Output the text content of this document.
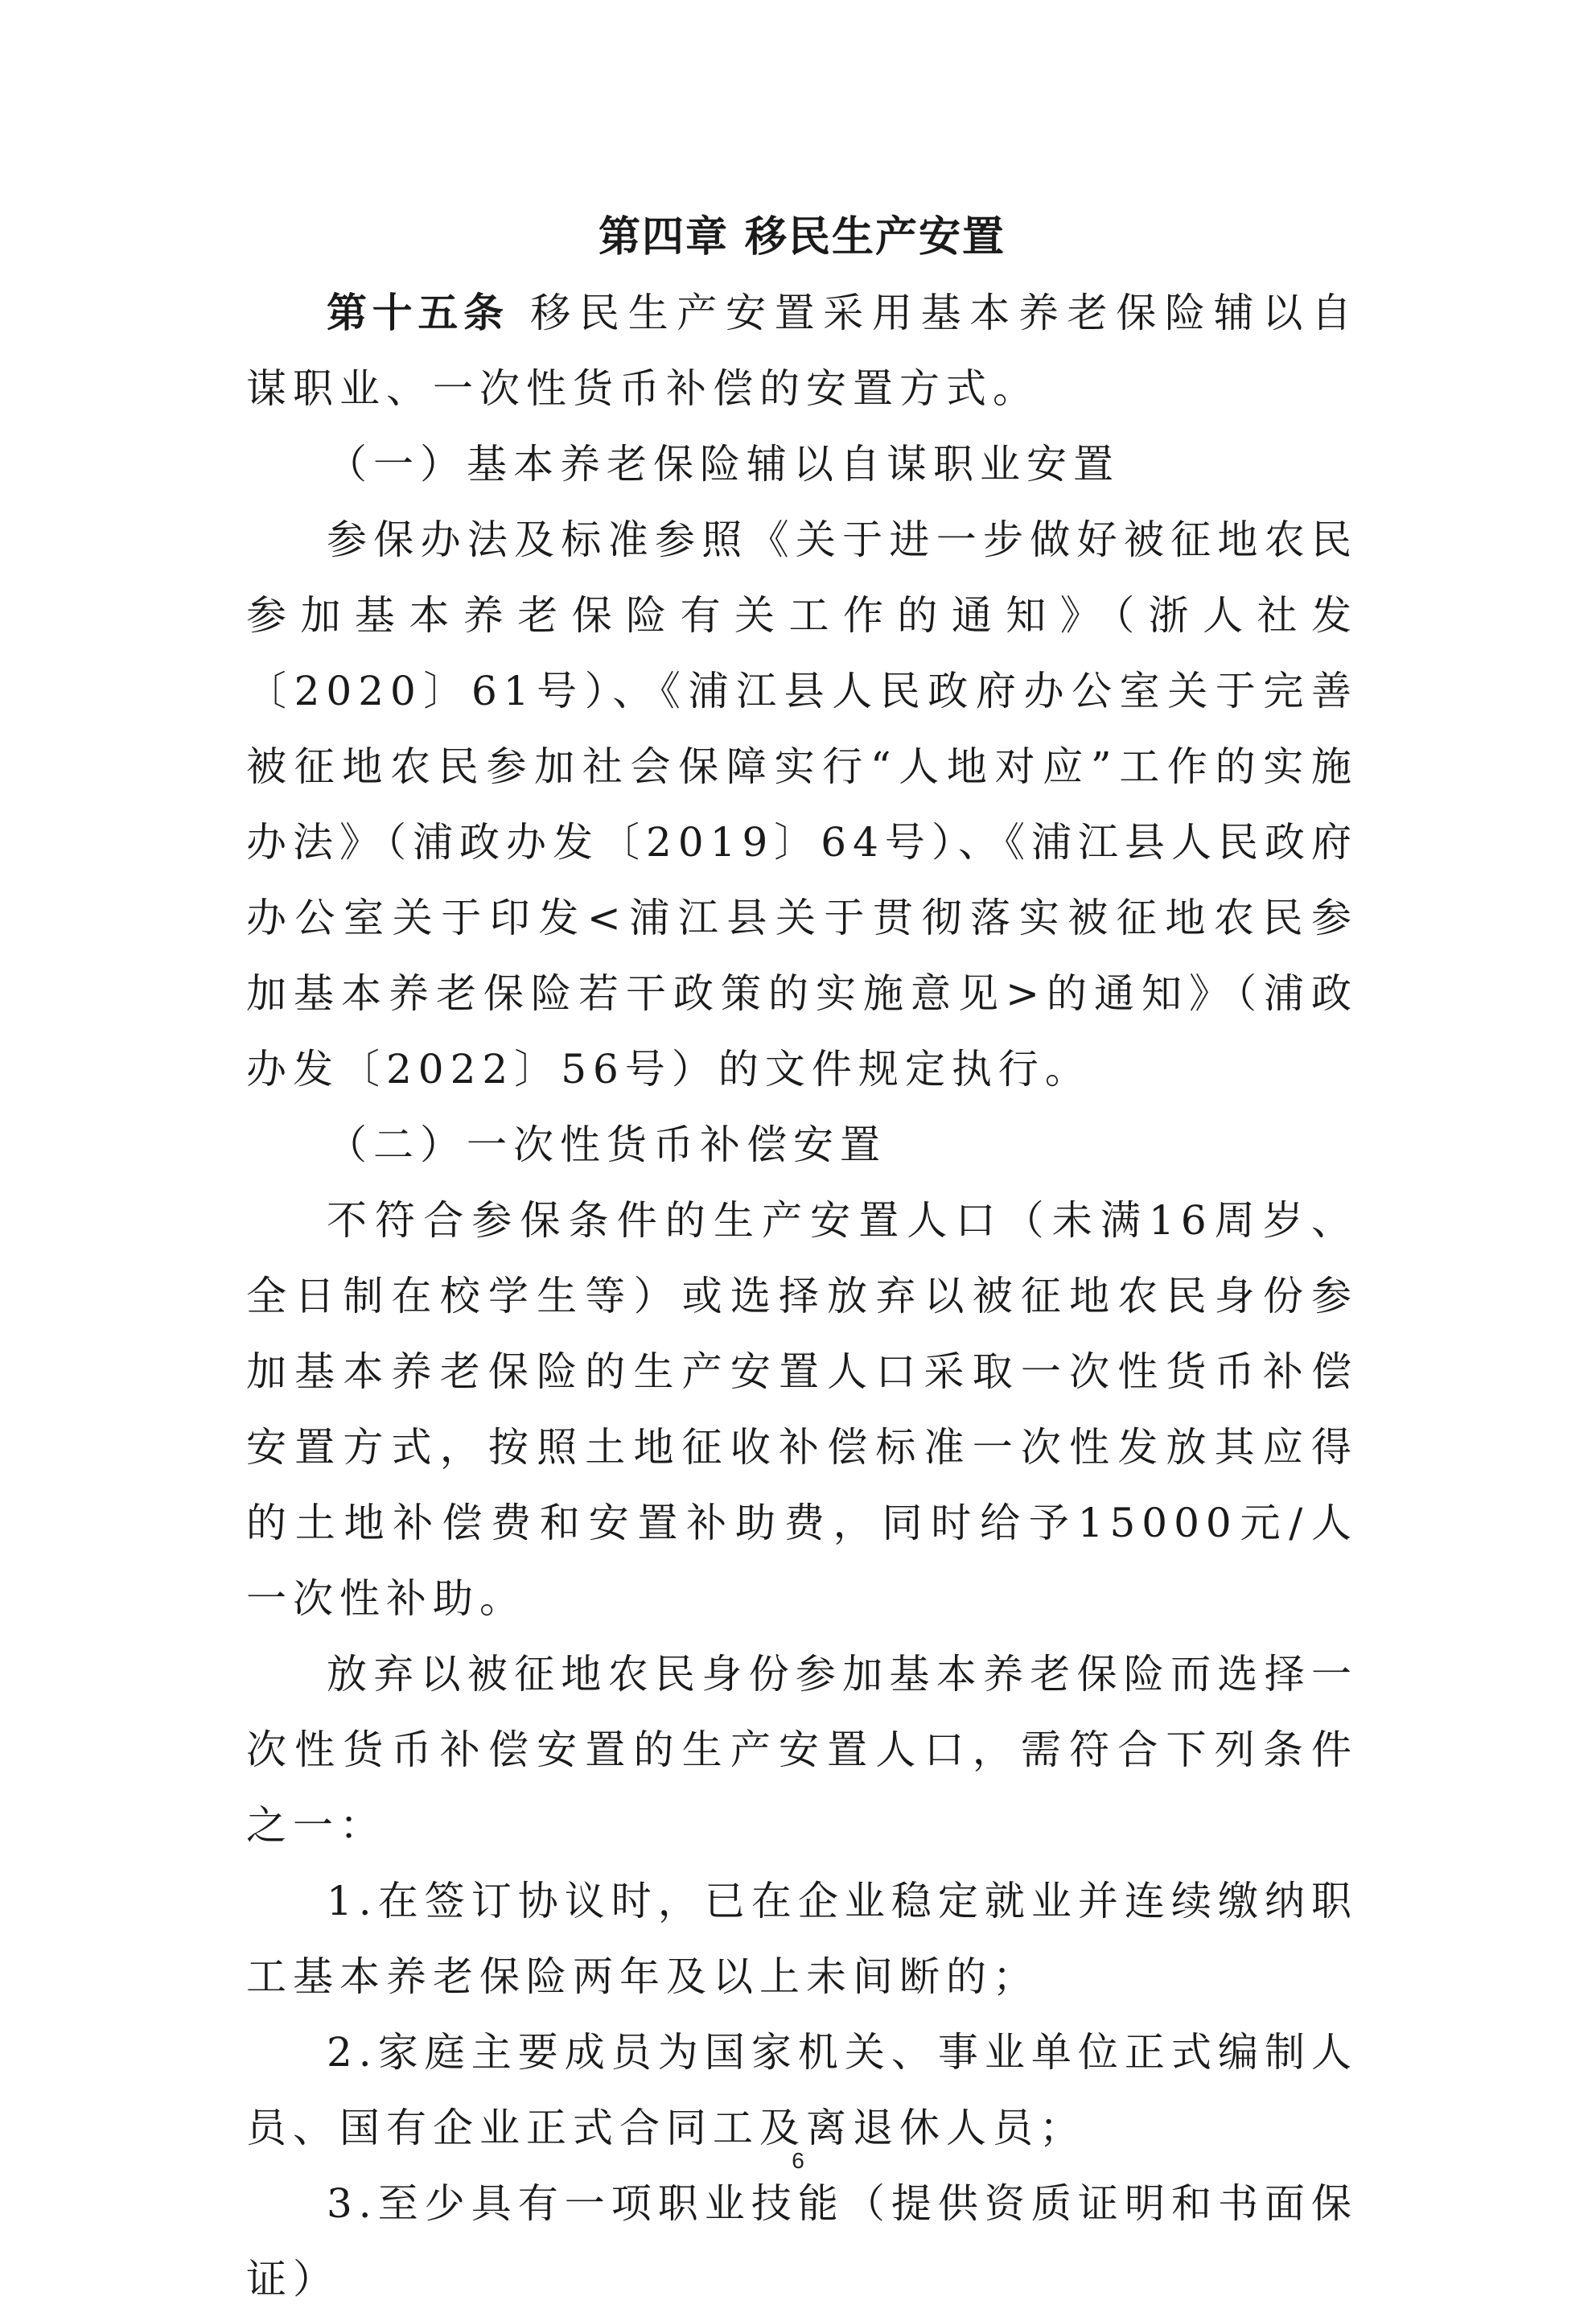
第四章 移民生产安置

第十五条 移民生产安置采用基本养老保险辅以自谋职业、一次性货币补偿的安置方式。

（一）基本养老保险辅以自谋职业安置

参保办法及标准参照《关于进一步做好被征地农民参加基本养老保险有关工作的通知》（浙人社发〔2020〕61号）、《浦江县人民政府办公室关于完善被征地农民参加社会保障实行“人地对应”工作的实施办法》（浦政办发〔2019〕64号）、《浦江县人民政府办公室关于印发<浦江县关于贯彻落实被征地农民参加基本养老保险若干政策的实施意见>的通知》（浦政办发〔2022〕56号）的文件规定执行。

（二）一次性货币补偿安置

不符合参保条件的生产安置人口（未满16周岁、全日制在校学生等）或选择放弃以被征地农民身份参加基本养老保险的生产安置人口采取一次性货币补偿安置方式，按照土地征收补偿标准一次性发放其应得的土地补偿费和安置补助费，同时给予15000元/人一次性补助。

放弃以被征地农民身份参加基本养老保险而选择一次性货币补偿安置的生产安置人口，需符合下列条件之一：

1.在签订协议时，已在企业稳定就业并连续缴纳职工基本养老保险两年及以上未间断的；

2.家庭主要成员为国家机关、事业单位正式编制人员、国有企业正式合同工及离退休人员；

3.至少具有一项职业技能（提供资质证明和书面保证）

6
